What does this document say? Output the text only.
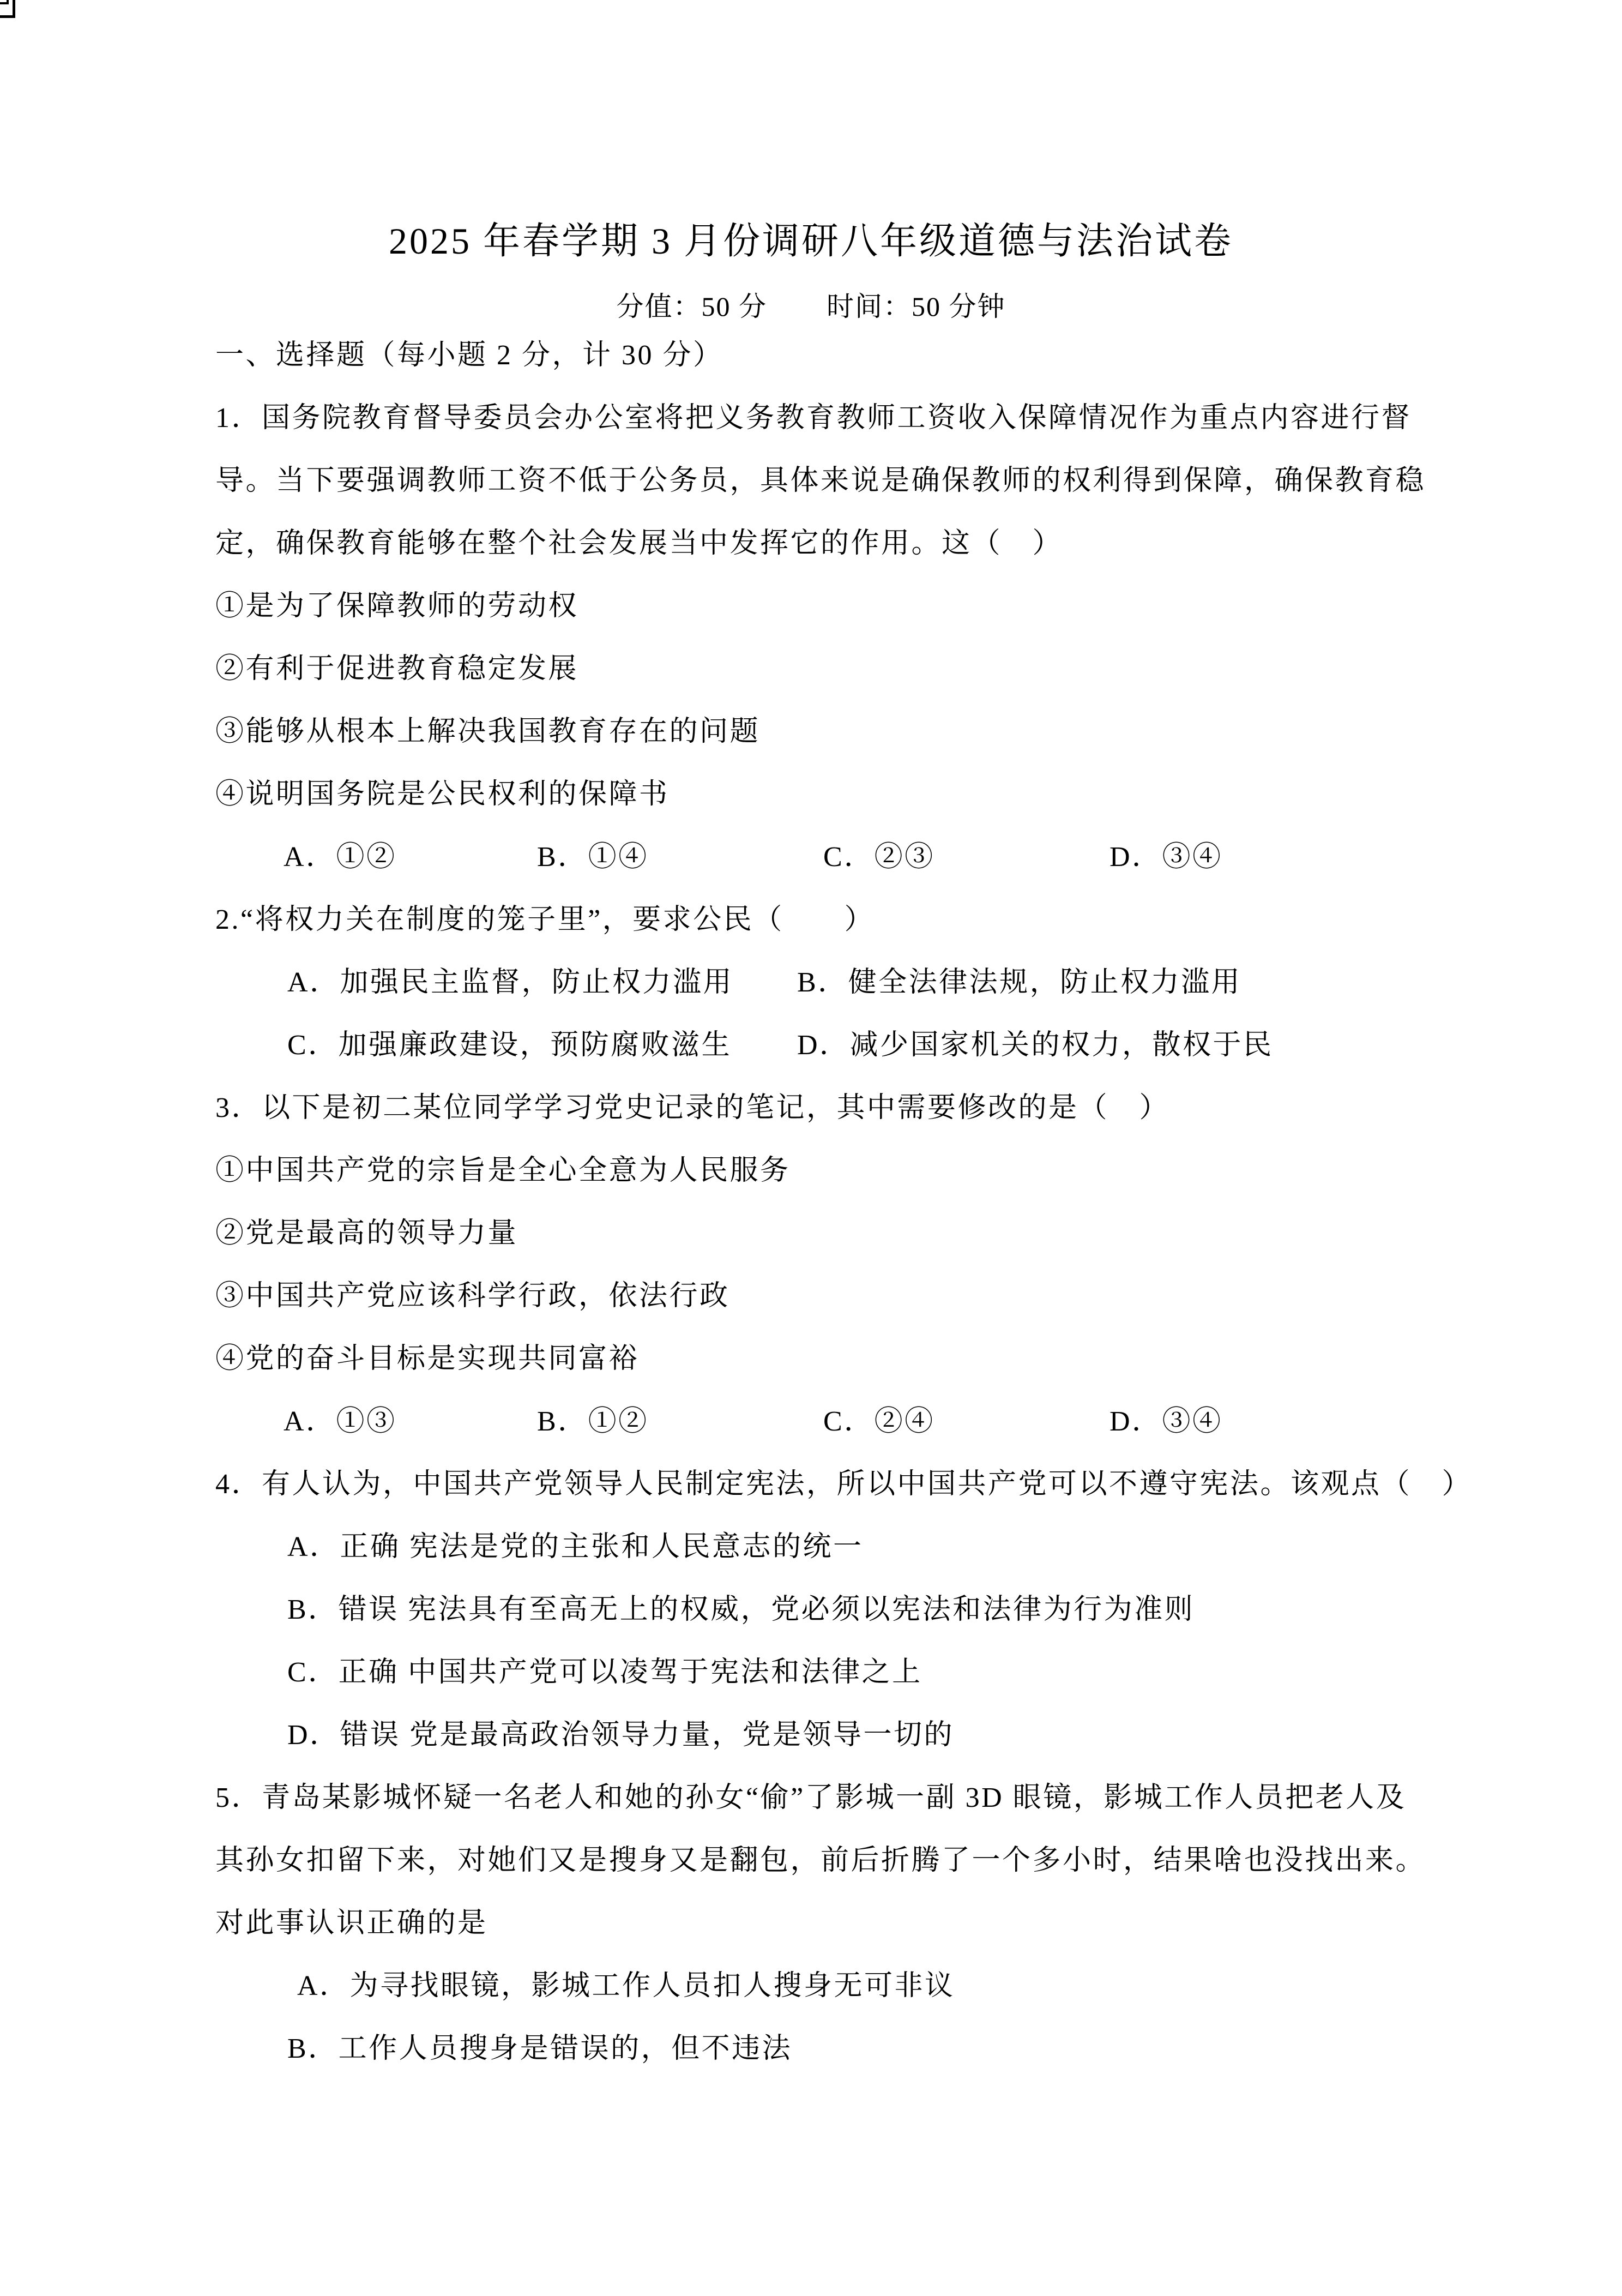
2025 年春学期 3 月份调研八年级道德与法治试卷
分值：50 分 时间：50 分钟
一、选择题（每小题 2 分，计 30 分）
1．国务院教育督导委员会办公室将把义务教育教师工资收入保障情况作为重点内容进行督
导。当下要强调教师工资不低于公务员，具体来说是确保教师的权利得到保障，确保教育稳
定，确保教育能够在整个社会发展当中发挥它的作用。这（　）
①是为了保障教师的劳动权
②有利于促进教育稳定发展
③能够从根本上解决我国教育存在的问题
④说明国务院是公民权利的保障书
A．①②	B．①④	C．②③	D．③④
2.“将权力关在制度的笼子里”，要求公民（　　）
A．加强民主监督，防止权力滥用 B．健全法律法规，防止权力滥用
C．加强廉政建设，预防腐败滋生 D．减少国家机关的权力，散权于民
3．以下是初二某位同学学习党史记录的笔记，其中需要修改的是（　）
①中国共产党的宗旨是全心全意为人民服务
②党是最高的领导力量
③中国共产党应该科学行政，依法行政
④党的奋斗目标是实现共同富裕
A．①③	B．①②	C．②④	D．③④
4．有人认为，中国共产党领导人民制定宪法，所以中国共产党可以不遵守宪法。该观点（　）
A．正确 宪法是党的主张和人民意志的统一
B．错误 宪法具有至高无上的权威，党必须以宪法和法律为行为准则
C．正确 中国共产党可以凌驾于宪法和法律之上
D．错误 党是最高政治领导力量，党是领导一切的
5．青岛某影城怀疑一名老人和她的孙女“偷”了影城一副 3D 眼镜，影城工作人员把老人及
其孙女扣留下来，对她们又是搜身又是翻包，前后折腾了一个多小时，结果啥也没找出来。
对此事认识正确的是
A．为寻找眼镜，影城工作人员扣人搜身无可非议
B．工作人员搜身是错误的，但不违法
